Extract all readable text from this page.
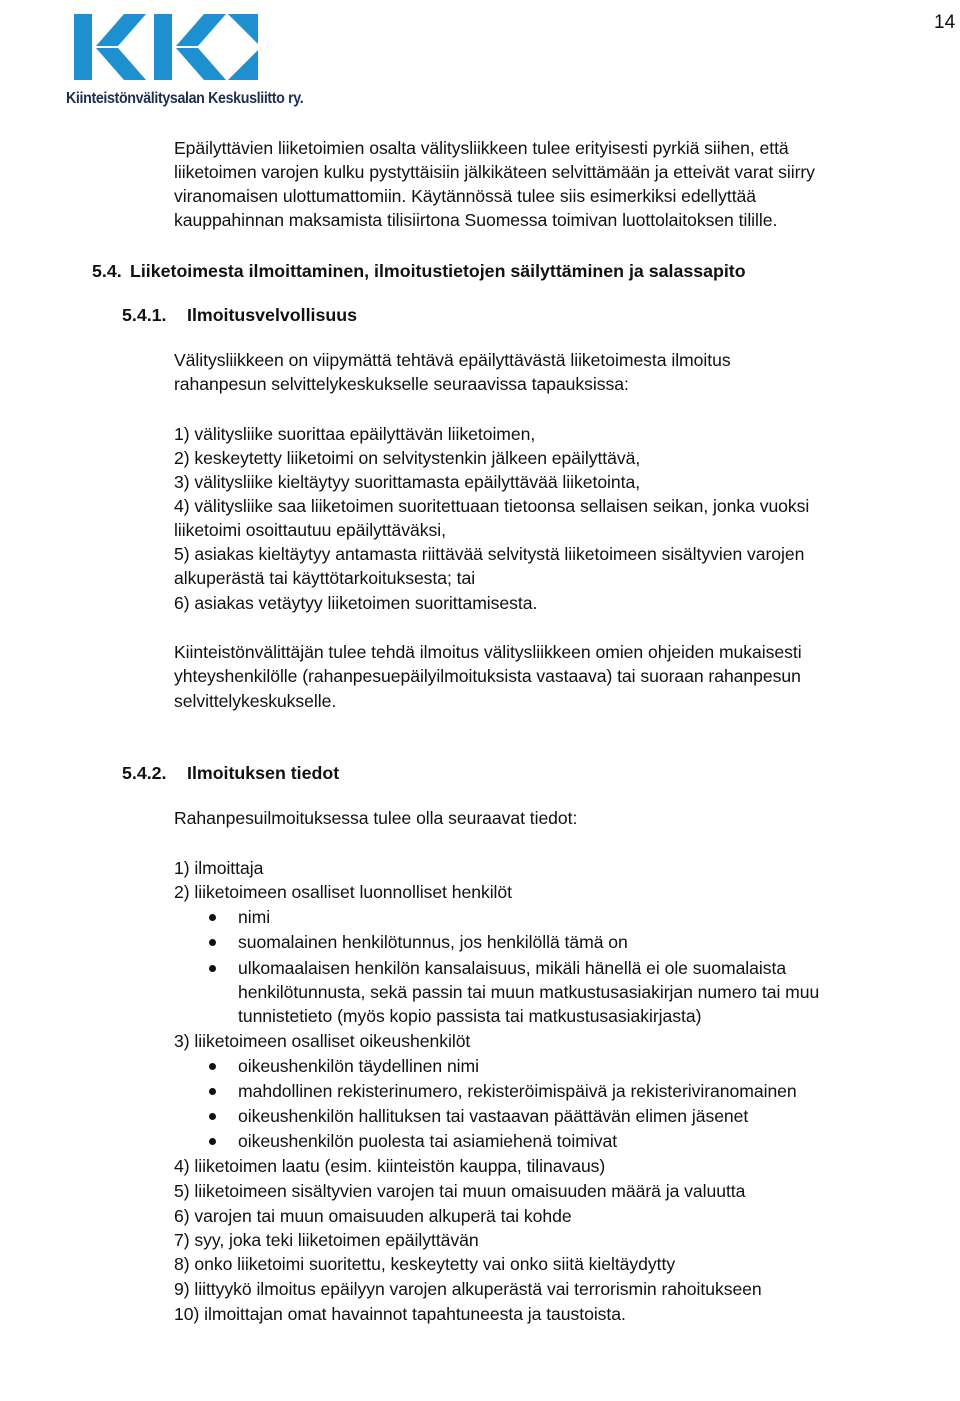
14
Kiinteistönvälitysalan Keskusliitto ry.

Epäilyttävien liiketoimien osalta välitysliikkeen tulee erityisesti pyrkiä siihen, että

liiketoimen varojen kulku pystyttäisiin jälkikäteen selvittämään ja etteivät varat siirry

viranomaisen ulottumattomiin. Käytännössä tulee siis esimerkiksi edellyttää

kauppahinnan maksamista tilisiirtona Suomessa toimivan luottolaitoksen tilille.

5.4. Liiketoimesta ilmoittaminen, ilmoitustietojen säilyttäminen ja salassapito
5.4.1. Ilmoitusvelvollisuus

Välitysliikkeen on viipymättä tehtävä epäilyttävästä liiketoimesta ilmoitus

rahanpesun selvittelykeskukselle seuraavissa tapauksissa:

1) välitysliike suorittaa epäilyttävän liiketoimen,

2) keskeytetty liiketoimi on selvitystenkin jälkeen epäilyttävä,

3) välitysliike kieltäytyy suorittamasta epäilyttävää liiketointa,

4) välitysliike saa liiketoimen suoritettuaan tietoonsa sellaisen seikan, jonka vuoksi

liiketoimi osoittautuu epäilyttäväksi,

5) asiakas kieltäytyy antamasta riittävää selvitystä liiketoimeen sisältyvien varojen

alkuperästä tai käyttötarkoituksesta; tai

6) asiakas vetäytyy liiketoimen suorittamisesta.

Kiinteistönvälittäjän tulee tehdä ilmoitus välitysliikkeen omien ohjeiden mukaisesti

yhteyshenkilölle (rahanpesuepäilyilmoituksista vastaava) tai suoraan rahanpesun

selvittelykeskukselle.

5.4.2. Ilmoituksen tiedot

Rahanpesuilmoituksessa tulee olla seuraavat tiedot:

1) ilmoittaja

2) liiketoimeen osalliset luonnolliset henkilöt

nimi

suomalainen henkilötunnus, jos henkilöllä tämä on

ulkomaalaisen henkilön kansalaisuus, mikäli hänellä ei ole suomalaista

henkilötunnusta, sekä passin tai muun matkustusasiakirjan numero tai muu

tunnistetieto (myös kopio passista tai matkustusasiakirjasta)

3) liiketoimeen osalliset oikeushenkilöt

oikeushenkilön täydellinen nimi

mahdollinen rekisterinumero, rekisteröimispäivä ja rekisteriviranomainen

oikeushenkilön hallituksen tai vastaavan päättävän elimen jäsenet

oikeushenkilön puolesta tai asiamiehenä toimivat

4) liiketoimen laatu (esim. kiinteistön kauppa, tilinavaus)

5) liiketoimeen sisältyvien varojen tai muun omaisuuden määrä ja valuutta

6) varojen tai muun omaisuuden alkuperä tai kohde

7) syy, joka teki liiketoimen epäilyttävän

8) onko liiketoimi suoritettu, keskeytetty vai onko siitä kieltäydytty

9) liittyykö ilmoitus epäilyyn varojen alkuperästä vai terrorismin rahoitukseen

10) ilmoittajan omat havainnot tapahtuneesta ja taustoista.
